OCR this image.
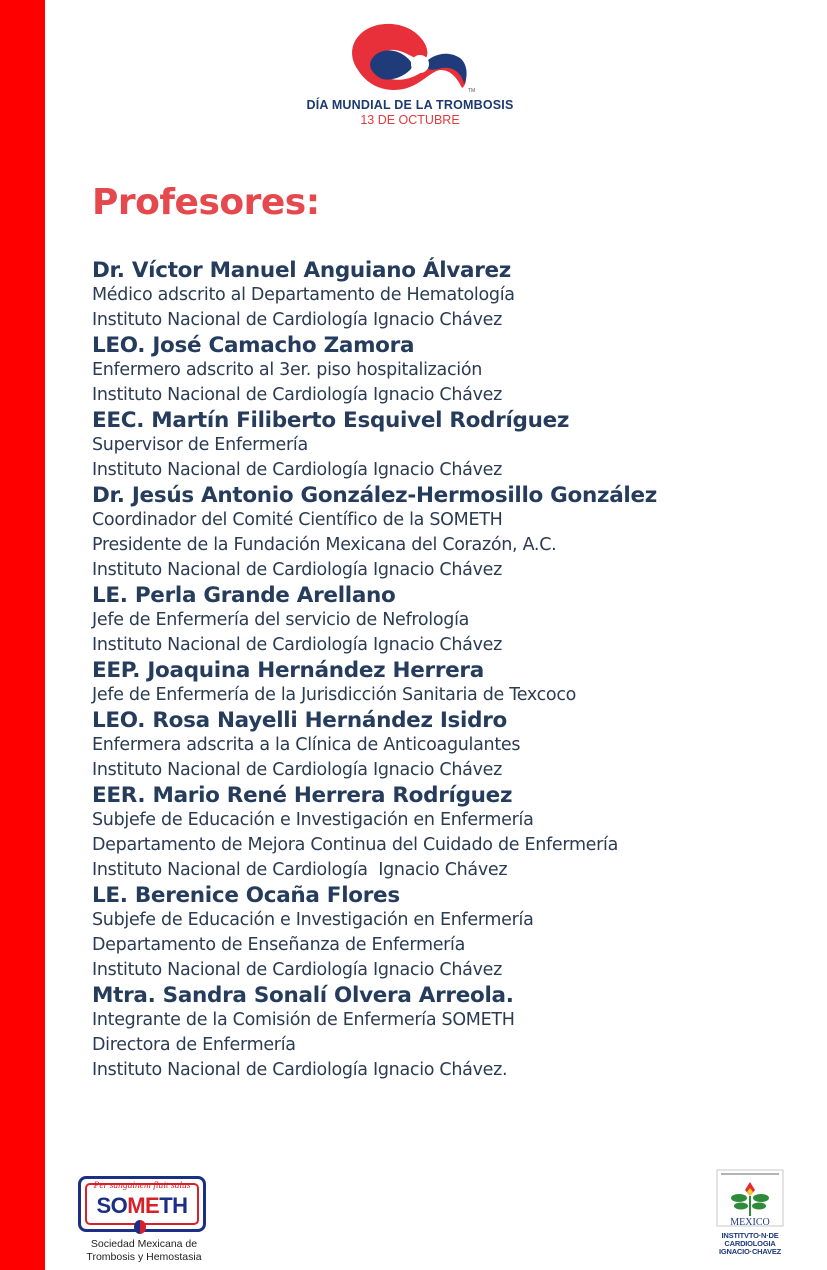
TM
DÍA MUNDIAL DE LA TROMBOSIS
13 DE OCTUBRE
Profesores:
Dr. Víctor Manuel Anguiano Álvarez
Médico adscrito al Departamento de Hematología
Instituto Nacional de Cardiología Ignacio Chávez
LEO. José Camacho Zamora
Enfermero adscrito al 3er. piso hospitalización
Instituto Nacional de Cardiología Ignacio Chávez
EEC. Martín Filiberto Esquivel Rodríguez
Supervisor de Enfermería
Instituto Nacional de Cardiología Ignacio Chávez
Dr. Jesús Antonio González-Hermosillo González
Coordinador del Comité Científico de la SOMETH
Presidente de la Fundación Mexicana del Corazón, A.C.
Instituto Nacional de Cardiología Ignacio Chávez
LE. Perla Grande Arellano
Jefe de Enfermería del servicio de Nefrología
Instituto Nacional de Cardiología Ignacio Chávez
EEP. Joaquina Hernández Herrera
Jefe de Enfermería de la Jurisdicción Sanitaria de Texcoco
LEO. Rosa Nayelli Hernández Isidro
Enfermera adscrita a la Clínica de Anticoagulantes
Instituto Nacional de Cardiología Ignacio Chávez
EER. Mario René Herrera Rodríguez
Subjefe de Educación e Investigación en Enfermería
Departamento de Mejora Continua del Cuidado de Enfermería
Instituto Nacional de Cardiología  Ignacio Chávez
LE. Berenice Ocaña Flores
Subjefe de Educación e Investigación en Enfermería
Departamento de Enseñanza de Enfermería
Instituto Nacional de Cardiología Ignacio Chávez
Mtra. Sandra Sonalí Olvera Arreola.
Integrante de la Comisión de Enfermería SOMETH
Directora de Enfermería
Instituto Nacional de Cardiología Ignacio Chávez.
Per sanguinem fluit salus
SOMETH
Sociedad Mexicana de
Trombosis y Hemostasia
MEXICO
INSTITVTO·N·DE
CARDIOLOGIA
IGNACIO·CHAVEZ
